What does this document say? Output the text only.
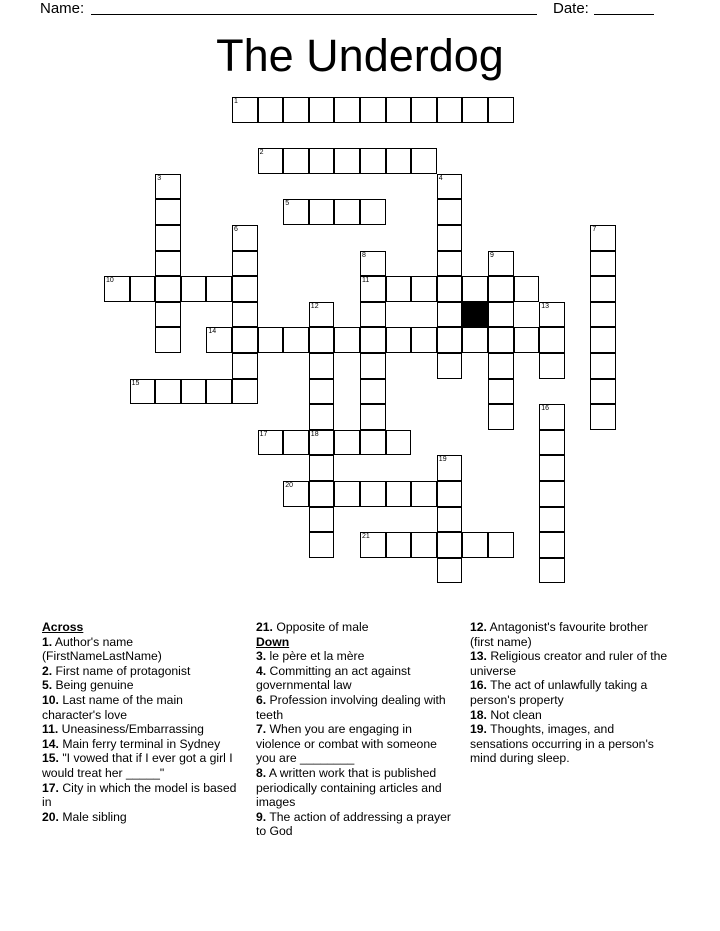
Name:	Date:
The Underdog
1
2
5
10	11
14
15
17	18
20
21
3	4
6	7
8	9
12	13
16
19
Across

1. Author's name (FirstNameLastName)

2. First name of protagonist

5. Being genuine

10. Last name of the main character's love

11. Uneasiness/Embarrassing

14. Main ferry terminal in Sydney

15. "I vowed that if I ever got a girl I would treat her _____"

17. City in which the model is based in

20. Male sibling

21. Opposite of male

Down

3. le père et la mère

4. Committing an act against governmental law

6. Profession involving dealing with teeth

7. When you are engaging in violence or combat with someone you are ________

8. A written work that is published periodically containing articles and images

9. The action of addressing a prayer to God

12. Antagonist's favourite brother (first name)

13. Religious creator and ruler of the universe

16. The act of unlawfully taking a person's property

18. Not clean

19. Thoughts, images, and sensations occurring in a person's mind during sleep.
